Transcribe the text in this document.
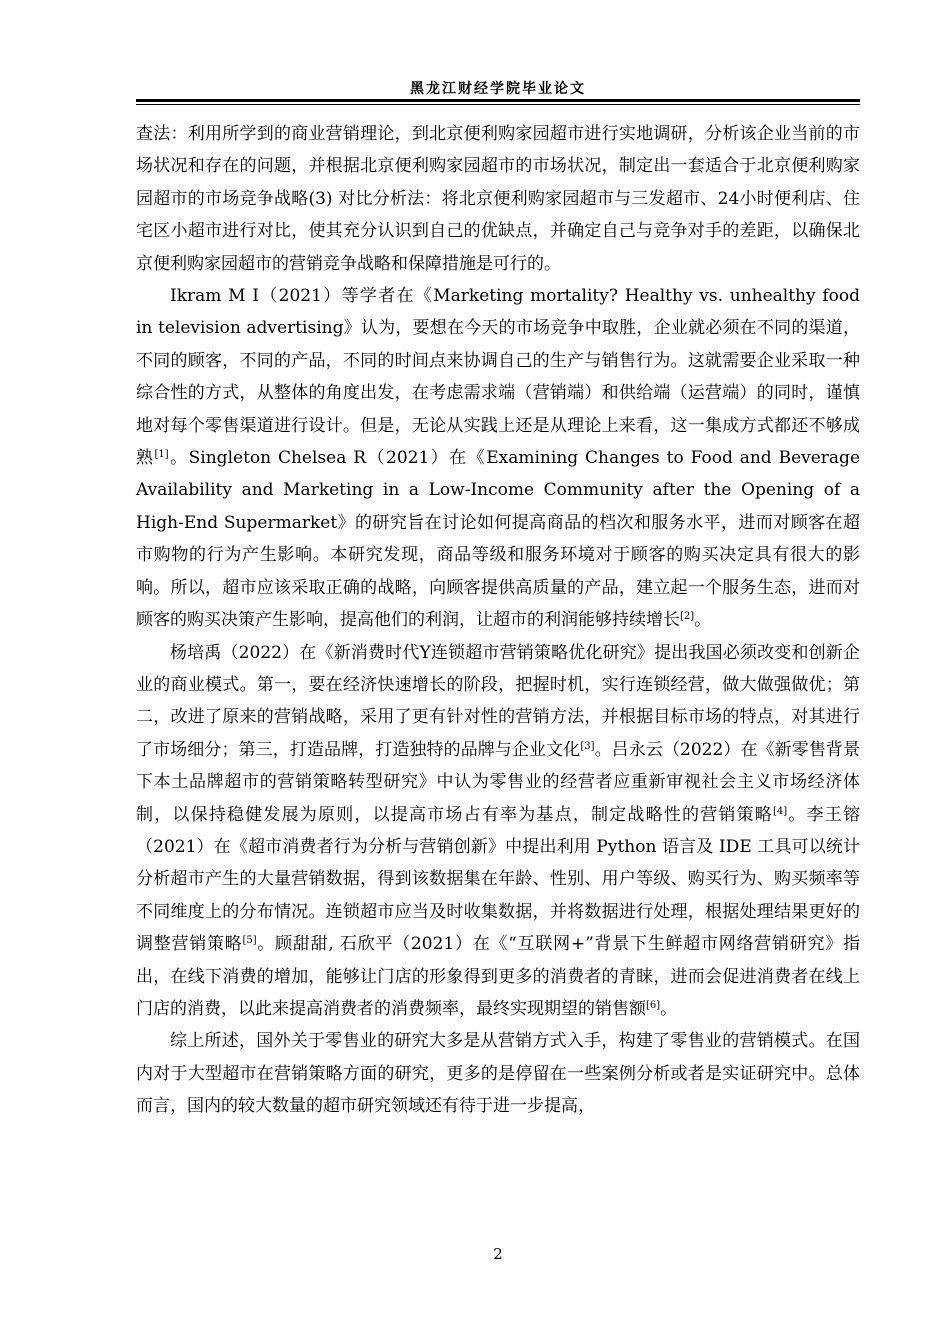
黑龙江财经学院毕业论文

查法：利用所学到的商业营销理论，到北京便利购家园超市进行实地调研，分析该企业当前的市场状况和存在的问题，并根据北京便利购家园超市的市场状况，制定出一套适合于北京便利购家园超市的市场竞争战略(3) 对比分析法：将北京便利购家园超市与三发超市、24小时便利店、住宅区小超市进行对比，使其充分认识到自己的优缺点，并确定自己与竞争对手的差距，以确保北京便利购家园超市的营销竞争战略和保障措施是可行的。

Ikram M I（2021）等学者在《Marketing mortality? Healthy vs. unhealthy food in television advertising》认为，要想在今天的市场竞争中取胜，企业就必须在不同的渠道，不同的顾客，不同的产品，不同的时间点来协调自己的生产与销售行为。这就需要企业采取一种综合性的方式，从整体的角度出发，在考虑需求端（营销端）和供给端（运营端）的同时，谨慎地对每个零售渠道进行设计。但是，无论从实践上还是从理论上来看，这一集成方式都还不够成熟[1]。Singleton Chelsea R（2021）在《Examining Changes to Food and Beverage Availability and Marketing in a Low-Income Community after the Opening of a High-End Supermarket》的研究旨在讨论如何提高商品的档次和服务水平，进而对顾客在超市购物的行为产生影响。本研究发现，商品等级和服务环境对于顾客的购买决定具有很大的影响。所以，超市应该采取正确的战略，向顾客提供高质量的产品，建立起一个服务生态，进而对顾客的购买决策产生影响，提高他们的利润，让超市的利润能够持续增长[2]。

杨培禹（2022）在《新消费时代Y连锁超市营销策略优化研究》提出我国必须改变和创新企业的商业模式。第一，要在经济快速增长的阶段，把握时机，实行连锁经营，做大做强做优；第二，改进了原来的营销战略，采用了更有针对性的营销方法，并根据目标市场的特点，对其进行了市场细分；第三，打造品牌，打造独特的品牌与企业文化[3]。吕永云（2022）在《新零售背景下本土品牌超市的营销策略转型研究》中认为零售业的经营者应重新审视社会主义市场经济体制，以保持稳健发展为原则，以提高市场占有率为基点，制定战略性的营销策略[4]。李王镕（2021）在《超市消费者行为分析与营销创新》中提出利用 Python 语言及 IDE 工具可以统计分析超市产生的大量营销数据，得到该数据集在年龄、性别、用户等级、购买行为、购买频率等不同维度上的分布情况。连锁超市应当及时收集数据，并将数据进行处理，根据处理结果更好的调整营销策略[5]。顾甜甜, 石欣平（2021）在《“互联网+”背景下生鲜超市网络营销研究》指出，在线下消费的增加，能够让门店的形象得到更多的消费者的青睐，进而会促进消费者在线上门店的消费，以此来提高消费者的消费频率，最终实现期望的销售额[6]。

综上所述，国外关于零售业的研究大多是从营销方式入手，构建了零售业的营销模式。在国内对于大型超市在营销策略方面的研究，更多的是停留在一些案例分析或者是实证研究中。总体而言，国内的较大数量的超市研究领域还有待于进一步提高，

2
